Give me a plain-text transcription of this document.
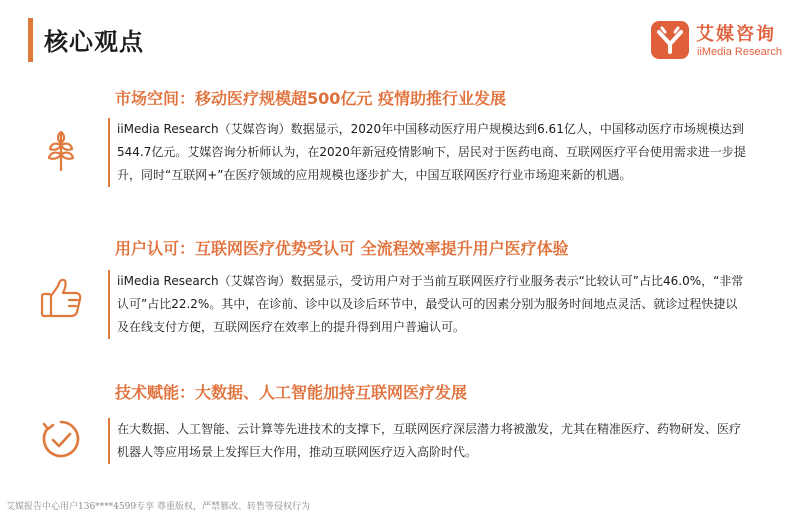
核心观点	艾媒咨询
iiMedia Research
市场空间：移动医疗规模超500亿元 疫情助推行业发展
iiMedia Research（艾媒咨询）数据显示，2020年中国移动医疗用户规模达到6.61亿人，中国移动医疗市场规模达到544.7亿元。艾媒咨询分析师认为，在2020年新冠疫情影响下，居民对于医药电商、互联网医疗平台使用需求进一步提升，同时“互联网+”在医疗领域的应用规模也逐步扩大，中国互联网医疗行业市场迎来新的机遇。
用户认可：互联网医疗优势受认可 全流程效率提升用户医疗体验
iiMedia Research（艾媒咨询）数据显示，受访用户对于当前互联网医疗行业服务表示“比较认可”占比46.0%，“非常认可”占比22.2%。其中，在诊前、诊中以及诊后环节中，最受认可的因素分别为服务时间地点灵活、就诊过程快捷以及在线支付方便，互联网医疗在效率上的提升得到用户普遍认可。
技术赋能：大数据、人工智能加持互联网医疗发展
在大数据、人工智能、云计算等先进技术的支撑下，互联网医疗深层潜力将被激发，尤其在精准医疗、药物研发、医疗机器人等应用场景上发挥巨大作用，推动互联网医疗迈入高阶时代。
艾媒报告中心用户136****4599专享 尊重版权，严禁篡改、转售等侵权行为
